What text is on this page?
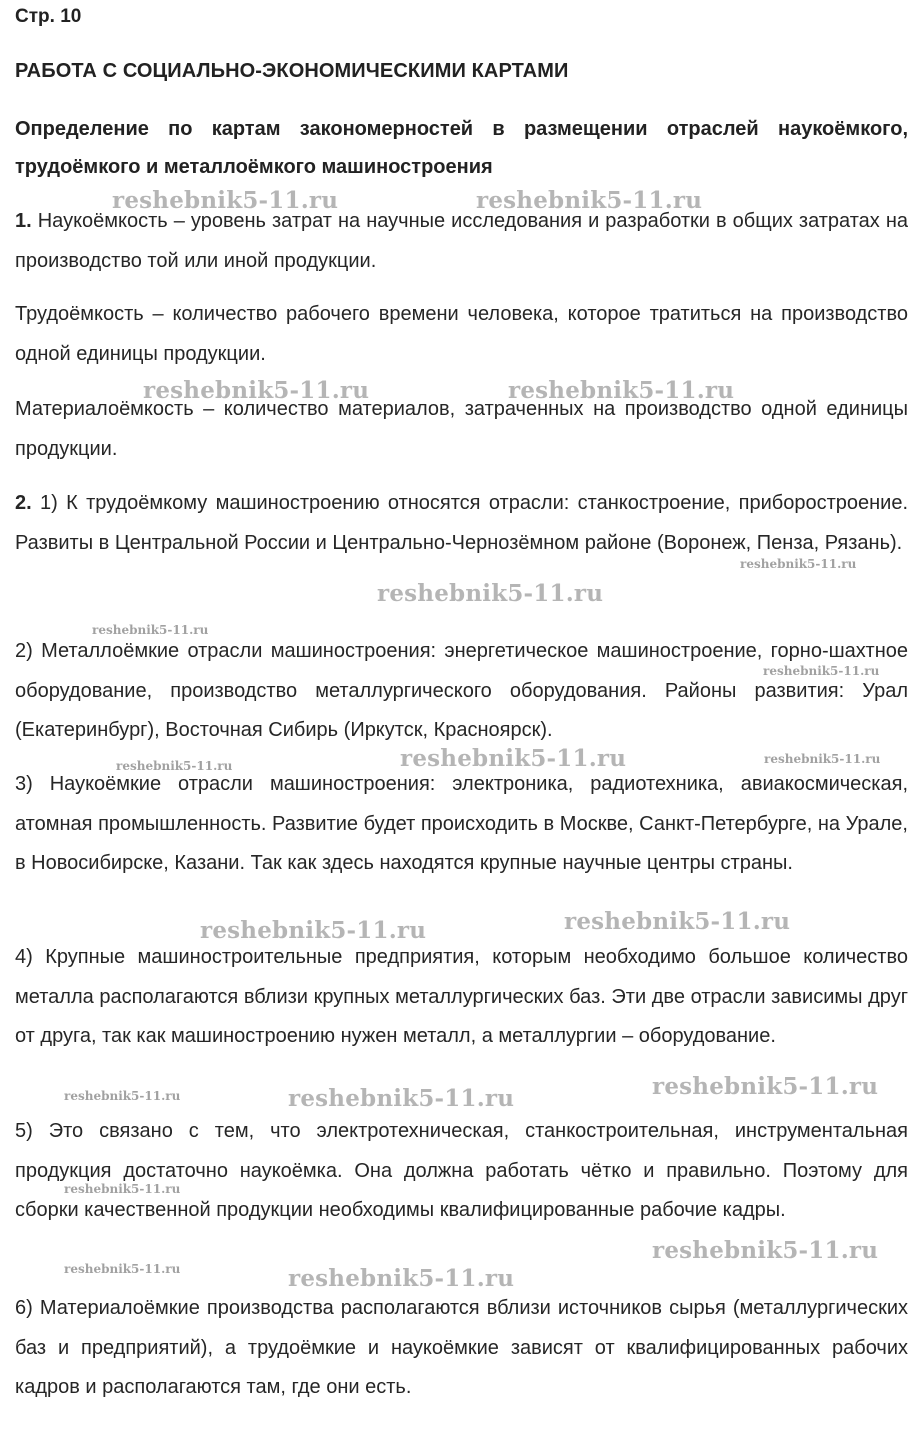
Стр. 10
РАБОТА С СОЦИАЛЬНО-ЭКОНОМИЧЕСКИМИ КАРТАМИ
Определение по картам закономерностей в размещении отраслей наукоёмкого, трудоёмкого и металлоёмкого машиностроения
1. Наукоёмкость – уровень затрат на научные исследования и разработки в общих затратах на производство той или иной продукции.
Трудоёмкость – количество рабочего времени человека, которое тратиться на производство одной единицы продукции.
Материалоёмкость – количество материалов, затраченных на производство одной единицы продукции.
2. 1) К трудоёмкому машиностроению относятся отрасли: станкостроение, приборостроение. Развиты в Центральной России и Центрально-Чернозёмном районе (Воронеж, Пенза, Рязань).
2) Металлоёмкие отрасли машиностроения: энергетическое машиностроение, горно-шахтное оборудование, производство металлургического оборудования. Районы развития: Урал (Екатеринбург), Восточная Сибирь (Иркутск, Красноярск).
3) Наукоёмкие отрасли машиностроения: электроника, радиотехника, авиакосмическая, атомная промышленность. Развитие будет происходить в Москве, Санкт-Петербурге, на Урале, в Новосибирске, Казани. Так как здесь находятся крупные научные центры страны.
4) Крупные машиностроительные предприятия, которым необходимо большое количество металла располагаются вблизи крупных металлургических баз. Эти две отрасли зависимы друг от друга, так как машиностроению нужен металл, а металлургии – оборудование.
5) Это связано с тем, что электротехническая, станкостроительная, инструментальная продукция достаточно наукоёмка. Она должна работать чётко и правильно. Поэтому для сборки качественной продукции необходимы квалифицированные рабочие кадры.
6) Материалоёмкие производства располагаются вблизи источников сырья (металлургических баз и предприятий), а трудоёмкие и наукоёмкие зависят от квалифицированных рабочих кадров и располагаются там, где они есть.
reshebnik5-11.ru	reshebnik5-11.ru
reshebnik5-11.ru	reshebnik5-11.ru
reshebnik5-11.ru
reshebnik5-11.ru
reshebnik5-11.ru
reshebnik5-11.ru
reshebnik5-11.ru
reshebnik5-11.ru	reshebnik5-11.ru
reshebnik5-11.ru
reshebnik5-11.ru
reshebnik5-11.ru
reshebnik5-11.ru	reshebnik5-11.ru
reshebnik5-11.ru
reshebnik5-11.ru
reshebnik5-11.ru	reshebnik5-11.ru
